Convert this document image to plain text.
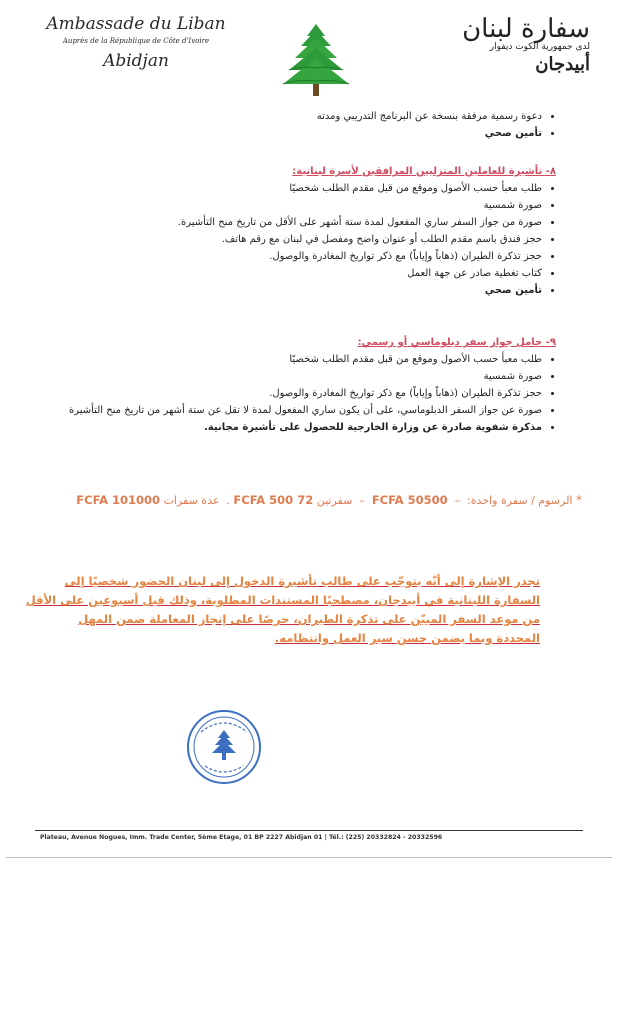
Ambassade du Liban
Auprès de la République de Côte d'Ivoire
Abidjan
سفارة لبنان
لدى جمهورية الكوت ديفوار
أبيدجان
• دعوة رسمية مرفقة بنسخة عن البرنامج التدريبي ومدته
• تأمين صحي
٨- تأشيرة للعاملين المنزليين المرافقين لأسرة لبنانية:
• طلب معبأ حسب الأصول وموقع من قبل مقدم الطلب شخصيًا
• صورة شمسية
• صورة من جواز السفر ساري المفعول لمدة ستة أشهر على الأقل من تاريخ منح التأشيرة.
• حجز فندق باسم مقدم الطلب أو عنوان واضح ومفصل في لبنان مع رقم هاتف.
• حجز تذكرة الطيران (ذهاباً وإياباً) مع ذكر تواريخ المغادرة والوصول.
• كتاب تغطية صادر عن جهة العمل
• تأمين صحي
٩- حامل جواز سفر دبلوماسي أو رسمي:
• طلب معبأ حسب الأصول وموقع من قبل مقدم الطلب شخصيًا
• صورة شمسية
• حجز تذكرة الطيران (ذهاباً وإياباً) مع ذكر تواريخ المغادرة والوصول.
• صورة عن جواز السفر الدبلوماسي، على أن يكون ساري المفعول لمدة لا تقل عن ستة أشهر من تاريخ منح التأشيرة
• مذكرة شفوية صادرة عن وزارة الخارجية للحصول على تأشيرة مجانية.
* الرسوم / سفرة واحدة:  –  50500 FCFA  –  سفرتين 72 500 FCFA .  عدة سفرات 101000 FCFA
تجدر الإشارة إلى أنّه يتوجّب على طالب تأشيرة الدخول إلى لبنان الحضور شخصيًا إلى
السفارة اللبنانية في أبيدجان، مصطحبًا المستندات المطلوبة، وذلك قبل أسبوعين على الأقل
من موعد السفر المبيّن على تذكرة الطيران، حرصًا على إنجاز المعاملة ضمن المهل
المحددة وبما يضمن حسن سير العمل وانتظامه.
Plateau, Avenue Nogues, Imm. Trade Center, 5ème Etage, 01 BP 2227 Abidjan 01 | Tél.: (225) 20332824 - 20332596
